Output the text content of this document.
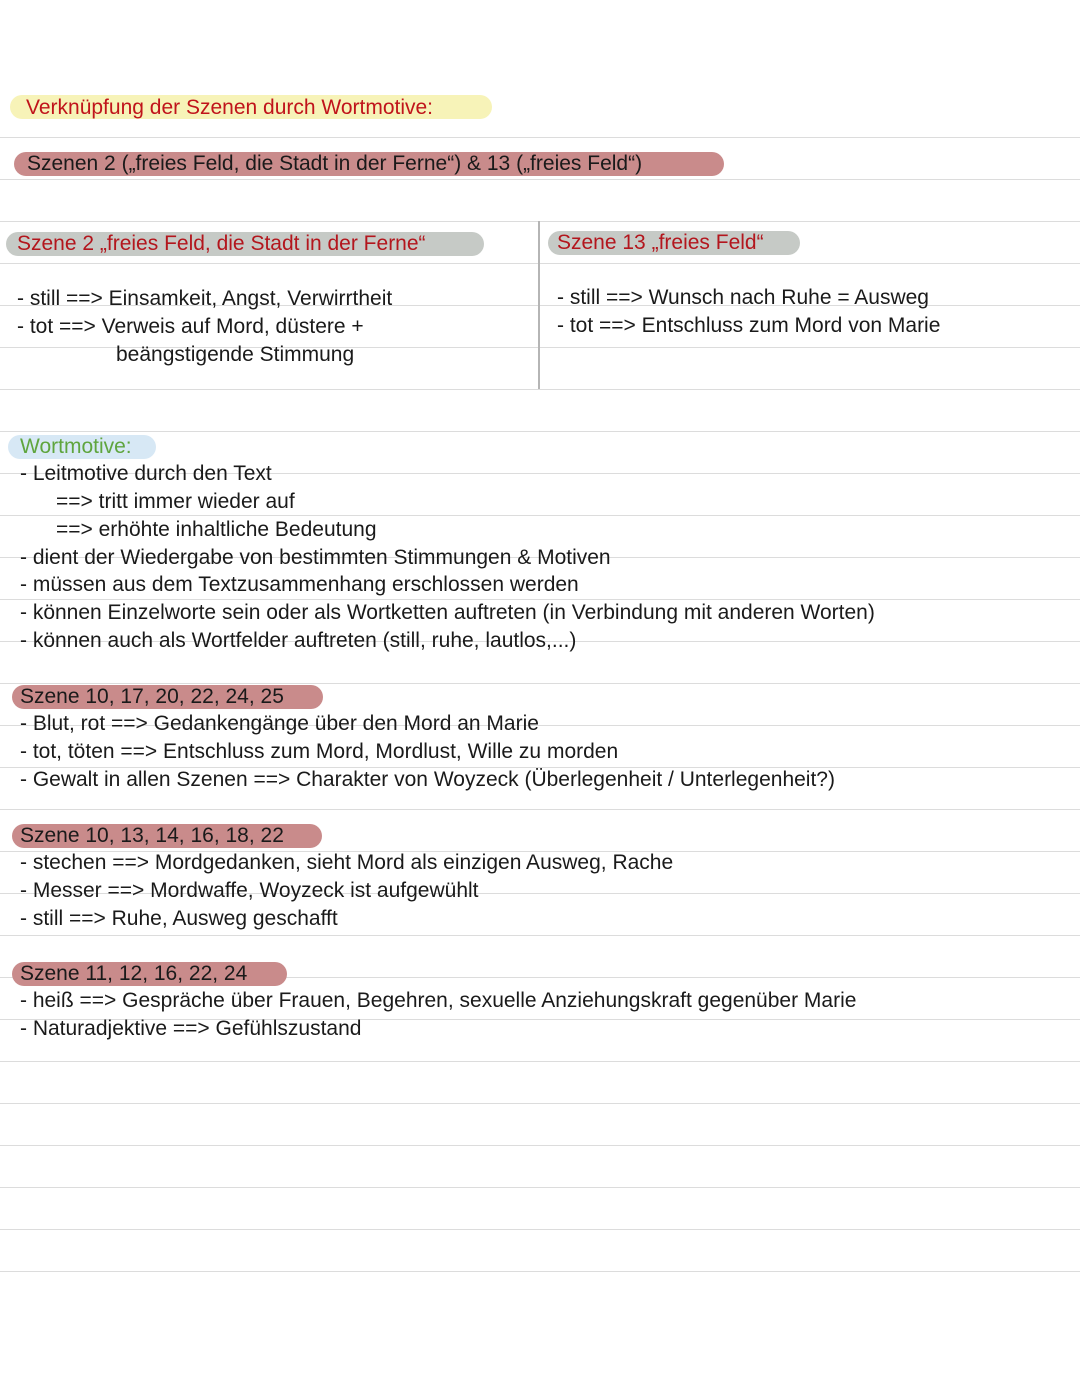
Verknüpfung der Szenen durch Wortmotive:
Szenen 2 („freies Feld, die Stadt in der Ferne“) & 13 („freies Feld“)
Szene 2 „freies Feld, die Stadt in der Ferne“	Szene 13 „freies Feld“
- still ==> Einsamkeit, Angst, Verwirrtheit
- tot ==> Verweis auf Mord, düstere +
beängstigende Stimmung
- still ==> Wunsch nach Ruhe = Ausweg
- tot ==> Entschluss zum Mord von Marie
Wortmotive:
- Leitmotive durch den Text
==> tritt immer wieder auf
==> erhöhte inhaltliche Bedeutung
- dient der Wiedergabe von bestimmten Stimmungen & Motiven
- müssen aus dem Textzusammenhang erschlossen werden
- können Einzelworte sein oder als Wortketten auftreten (in Verbindung mit anderen Worten)
- können auch als Wortfelder auftreten (still, ruhe, lautlos,...)
Szene 10, 17, 20, 22, 24, 25
- Blut, rot ==> Gedankengänge über den Mord an Marie
- tot, töten ==> Entschluss zum Mord, Mordlust, Wille zu morden
- Gewalt in allen Szenen ==> Charakter von Woyzeck (Überlegenheit / Unterlegenheit?)
Szene 10, 13, 14, 16, 18, 22
- stechen ==> Mordgedanken, sieht Mord als einzigen Ausweg, Rache
- Messer ==> Mordwaffe, Woyzeck ist aufgewühlt
- still ==> Ruhe, Ausweg geschafft
Szene 11, 12, 16, 22, 24
- heiß ==> Gespräche über Frauen, Begehren, sexuelle Anziehungskraft gegenüber Marie
- Naturadjektive ==> Gefühlszustand
